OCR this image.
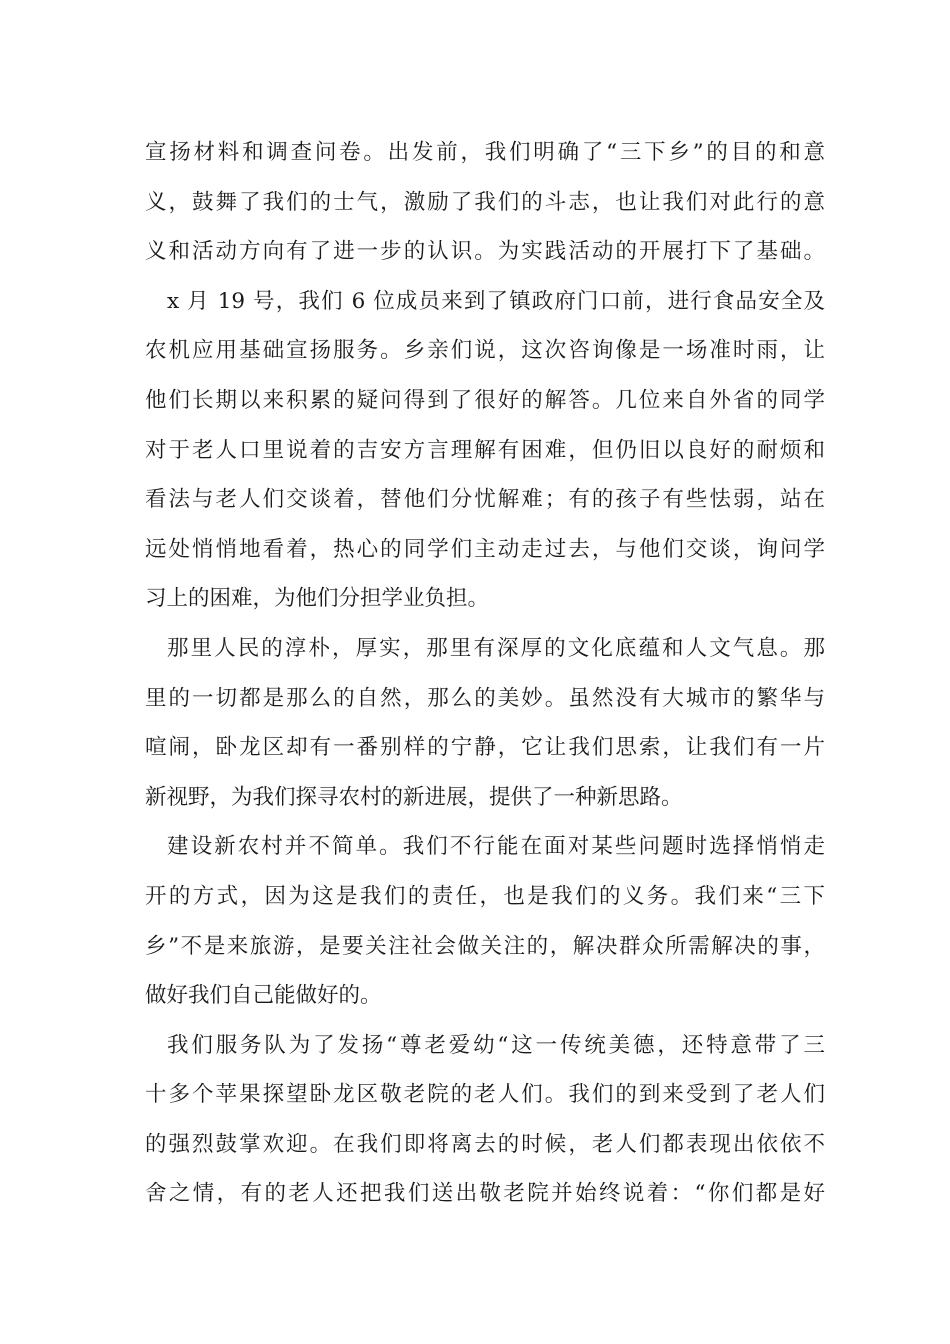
宣扬材料和调查问卷。出发前，我们明确了“三下乡”的目的和意
义，鼓舞了我们的士气，激励了我们的斗志，也让我们对此行的意
义和活动方向有了进一步的认识。为实践活动的开展打下了基础。
x 月 19 号，我们 6 位成员来到了镇政府门口前，进行食品安全及
农机应用基础宣扬服务。乡亲们说，这次咨询像是一场准时雨，让
他们长期以来积累的疑问得到了很好的解答。几位来自外省的同学
对于老人口里说着的吉安方言理解有困难，但仍旧以良好的耐烦和
看法与老人们交谈着，替他们分忧解难；有的孩子有些怯弱，站在
远处悄悄地看着，热心的同学们主动走过去，与他们交谈，询问学
习上的困难，为他们分担学业负担。
那里人民的淳朴，厚实，那里有深厚的文化底蕴和人文气息。那
里的一切都是那么的自然，那么的美妙。虽然没有大城市的繁华与
喧闹，卧龙区却有一番别样的宁静，它让我们思索，让我们有一片
新视野，为我们探寻农村的新进展，提供了一种新思路。
建设新农村并不简单。我们不行能在面对某些问题时选择悄悄走
开的方式，因为这是我们的责任，也是我们的义务。我们来“三下
乡”不是来旅游，是要关注社会做关注的，解决群众所需解决的事，
做好我们自己能做好的。
我们服务队为了发扬“尊老爱幼“这一传统美德，还特意带了三
十多个苹果探望卧龙区敬老院的老人们。我们的到来受到了老人们
的强烈鼓掌欢迎。在我们即将离去的时候，老人们都表现出依依不
舍之情，有的老人还把我们送出敬老院并始终说着：“你们都是好
